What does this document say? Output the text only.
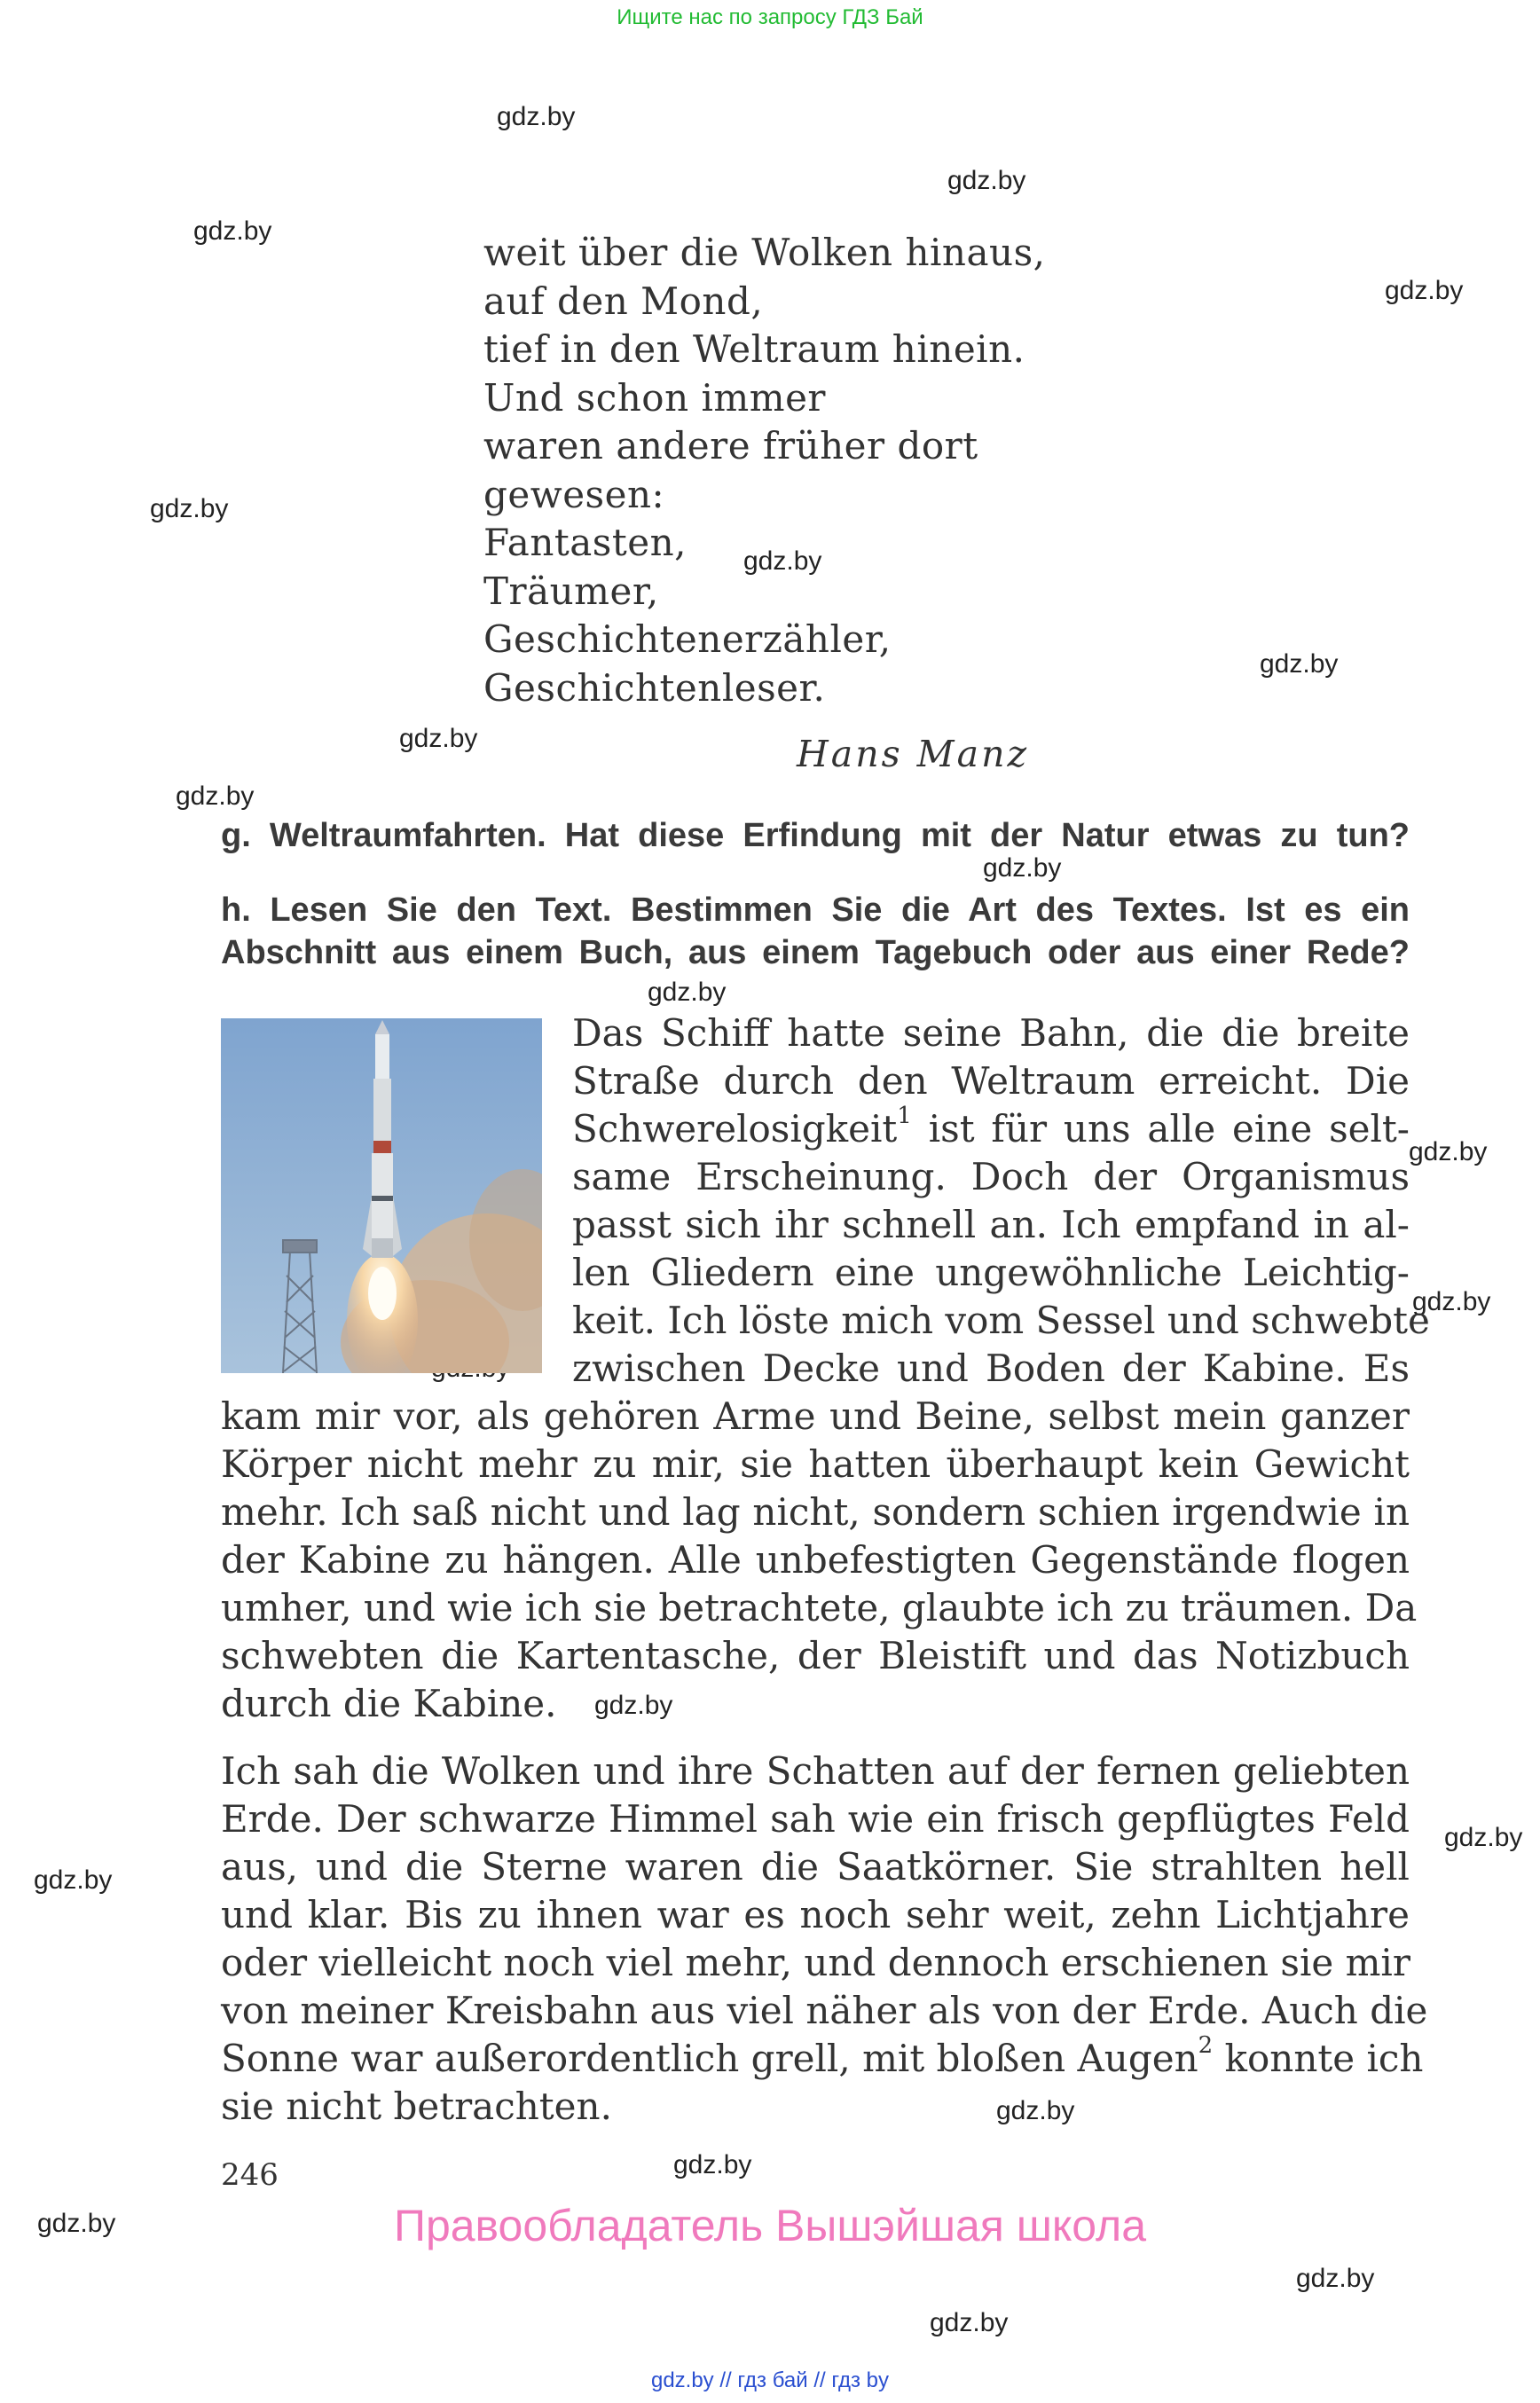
Ищите нас по запросу ГДЗ Бай
gdz.by
gdz.by
gdz.by
gdz.by
gdz.by
gdz.by
gdz.by
gdz.by
gdz.by
gdz.by
gdz.by
gdz.by
gdz.by
gdz.by
gdz.by
gdz.by
gdz.by
gdz.by
gdz.by
gdz.by
gdz.by
weit über die Wolken hinaus,
auf den Mond,
tief in den Weltraum hinein.
Und schon immer
waren andere früher dort
gewesen:
Fantasten,
Träumer,
Geschichtenerzähler,
Geschichtenleser.
Hans Manz
g. Weltraumfahrten. Hat diese Erfindung mit der Natur etwas zu tun?
h. Lesen Sie den Text. Bestimmen Sie die Art des Textes. Ist es ein
Abschnitt aus einem Buch, aus einem Tagebuch oder aus einer Rede?
Das Schiff hatte seine Bahn, die die breite
Straße durch den Weltraum erreicht. Die
Schwerelosigkeit$^1$ ist für uns alle eine selt-
same Erscheinung. Doch der Organismus
passt sich ihr schnell an. Ich empfand in al-
len Gliedern eine ungewöhnliche Leichtig-
keit. Ich löste mich vom Sessel und schwebte
zwischen Decke und Boden der Kabine. Es
kam mir vor, als gehören Arme und Beine, selbst mein ganzer
Körper nicht mehr zu mir, sie hatten überhaupt kein Gewicht
mehr. Ich saß nicht und lag nicht, sondern schien irgendwie in
der Kabine zu hängen. Alle unbefestigten Gegenstände flogen
umher, und wie ich sie betrachtete, glaubte ich zu träumen. Da
schwebten die Kartentasche, der Bleistift und das Notizbuch
durch die Kabine.
Ich sah die Wolken und ihre Schatten auf der fernen geliebten
Erde. Der schwarze Himmel sah wie ein frisch gepflügtes Feld
aus, und die Sterne waren die Saatkörner. Sie strahlten hell
und klar. Bis zu ihnen war es noch sehr weit, zehn Lichtjahre
oder vielleicht noch viel mehr, und dennoch erschienen sie mir
von meiner Kreisbahn aus viel näher als von der Erde. Auch die
Sonne war außerordentlich grell, mit bloßen Augen$^2$ konnte ich
sie nicht betrachten.
246
Правообладатель Вышэйшая школа
gdz.by // гдз бай // гдз by
